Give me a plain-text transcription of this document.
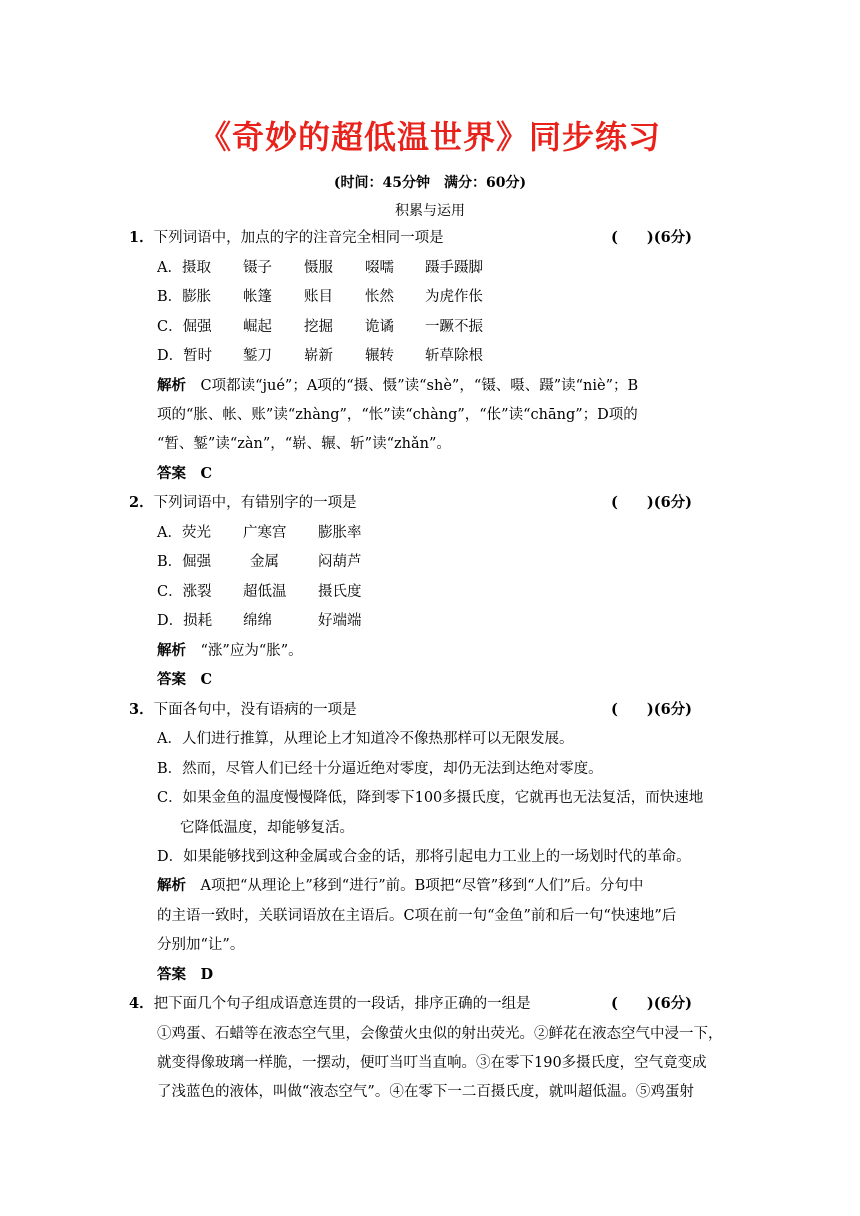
《奇妙的超低温世界》同步练习
(时间：45分钟　满分：60分)
积累与运用
1．下列词语中，加点的字的注音完全相同一项是	(　　)(6分)
A．摄取 镊子 慑服 啜嚅 蹑手蹑脚
B．膨胀 帐篷 账目 怅然 为虎作伥
C．倔强 崛起 挖掘 诡谲 一蹶不振
D．暂时 錾刀 崭新 辗转 斩草除根
解析　 C项都读“jué”；A项的“摄、慑”读“shè”，“镊、嗫、蹑”读“niè”；B
项的“胀、帐、账”读“zhàng”，“怅”读“chàng”，“伥”读“chāng”；D项的
“暂、錾”读“zàn”，“崭、辗、斩”读“zhǎn”。
答案　 C
2．下列词语中，有错别字的一项是	(　　)(6分)
A．荧光 广寒宫 膨胀率
B．倔强	金属	闷葫芦
C．涨裂 超低温 摄氏度
D．损耗 绵绵	好端端
解析　 “涨”应为“胀”。
答案　 C
3．下面各句中，没有语病的一项是	(　　)(6分)
A．人们进行推算，从理论上才知道冷不像热那样可以无限发展。
B．然而，尽管人们已经十分逼近绝对零度，却仍无法到达绝对零度。
C．如果金鱼的温度慢慢降低，降到零下100多摄氏度，它就再也无法复活，而快速地
它降低温度，却能够复活。
D．如果能够找到这种金属或合金的话，那将引起电力工业上的一场划时代的革命。
解析　 A项把“从理论上”移到“进行”前。B项把“尽管”移到“人们”后。分句中
的主语一致时，关联词语放在主语后。C项在前一句“金鱼”前和后一句“快速地”后
分别加“让”。
答案　 D
4．把下面几个句子组成语意连贯的一段话，排序正确的一组是	(　　)(6分)
①鸡蛋、石蜡等在液态空气里，会像萤火虫似的射出荧光。②鲜花在液态空气中浸一下，
就变得像玻璃一样脆，一摆动，便叮当叮当直响。③在零下190多摄氏度，空气竟变成
了浅蓝色的液体，叫做“液态空气”。④在零下一二百摄氏度，就叫超低温。⑤鸡蛋射
